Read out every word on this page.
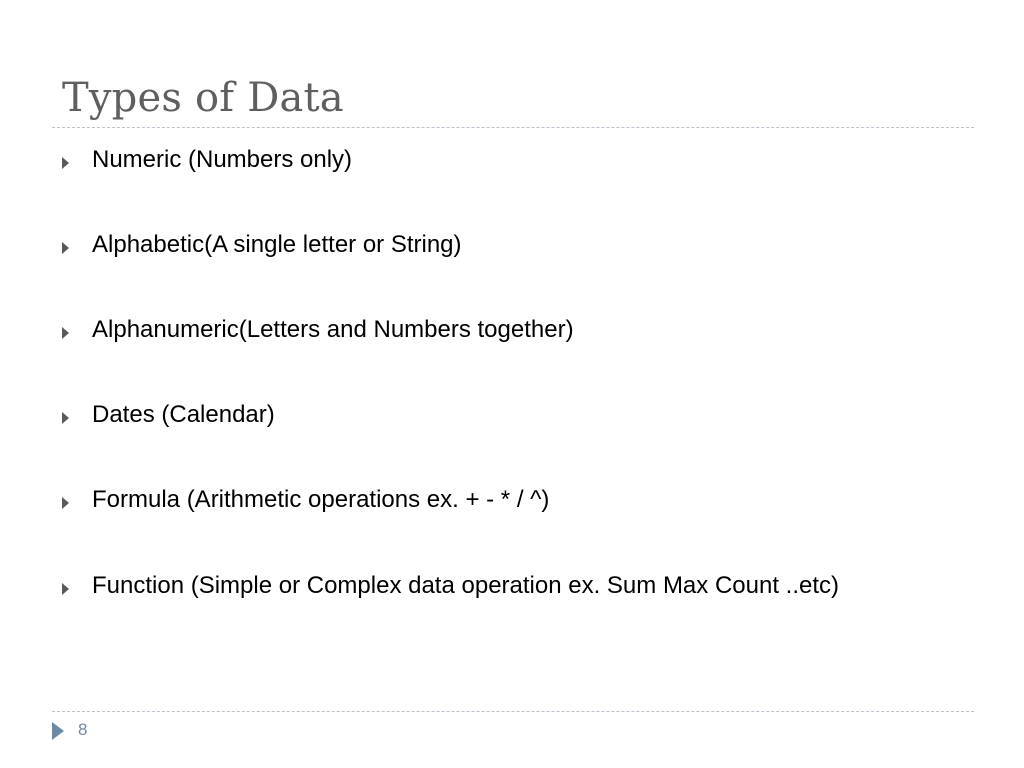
Types of Data
Numeric (Numbers only)
Alphabetic(A single letter or String)
Alphanumeric(Letters and Numbers together)
Dates (Calendar)
Formula (Arithmetic operations ex. + - * / ^)
Function (Simple or Complex data operation ex. Sum Max Count ..etc)
8
